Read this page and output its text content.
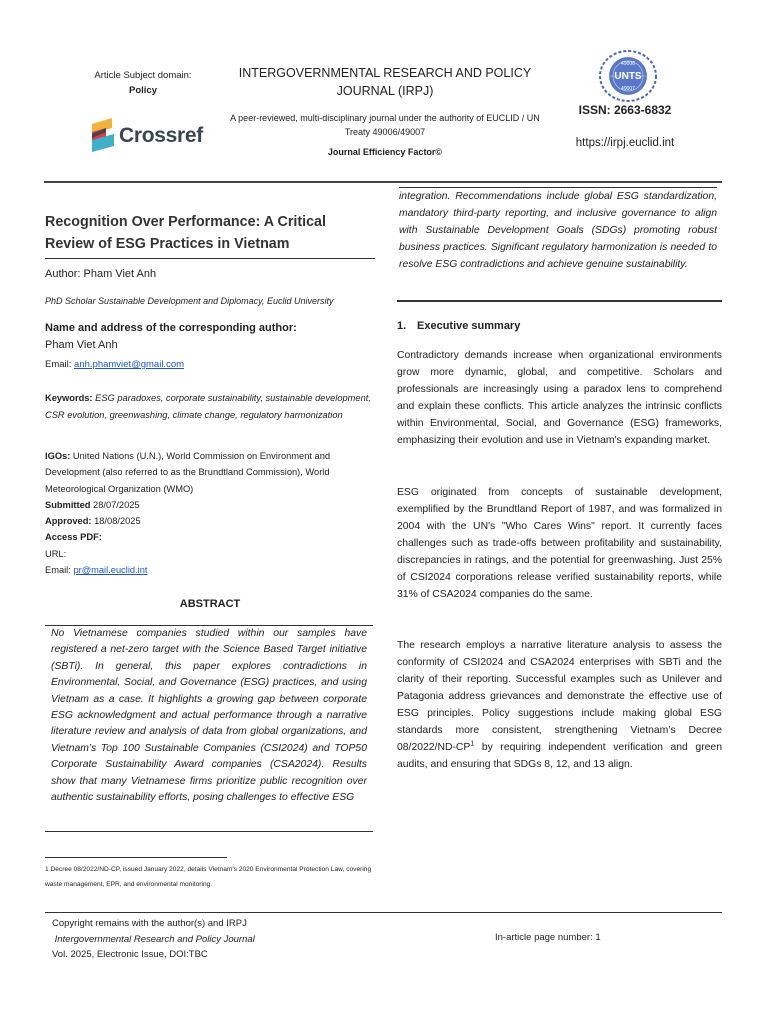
Article Subject domain:
Policy
Crossref
INTERGOVERNMENTAL RESEARCH AND POLICY JOURNAL (IRPJ)
A peer-reviewed, multi-disciplinary journal under the authority of EUCLID / UN Treaty 49006/49007
Journal Efficiency Factor©
49006
UNTS
49007
ISSN: 2663-6832
https://irpj.euclid.int
Recognition Over Performance: A Critical Review of ESG Practices in Vietnam
Author: Pham Viet Anh
PhD Scholar Sustainable Development and Diplomacy, Euclid University
Name and address of the corresponding author:
Pham Viet Anh
Email: anh.phamviet@gmail.com
Keywords: ESG paradoxes, corporate sustainability, sustainable development, CSR evolution, greenwashing, climate change, regulatory harmonization
IGOs: United Nations (U.N.), World Commission on Environment and Development (also referred to as the Brundtland Commission), World Meteorological Organization (WMO)
Submitted 28/07/2025
Approved: 18/08/2025
Access PDF:
URL:
Email: pr@mail.euclid.int
ABSTRACT

No Vietnamese companies studied within our samples have registered a net-zero target with the Science Based Target initiative (SBTi). In general, this paper explores contradictions in Environmental, Social, and Governance (ESG) practices, and using Vietnam as a case. It highlights a growing gap between corporate ESG acknowledgment and actual performance through a narrative literature review and analysis of data from global organizations, and Vietnam’s Top 100 Sustainable Companies (CSI2024) and TOP50 Corporate Sustainability Award companies (CSA2024). Results show that many Vietnamese firms prioritize public recognition over authentic sustainability efforts, posing challenges to effective ESG

1 Decree 08/2022/ND-CP, issued January 2022, details Vietnam's 2020 Environmental Protection Law, covering waste management, EPR, and environmental monitoring.

integration. Recommendations include global ESG standardization, mandatory third-party reporting, and inclusive governance to align with Sustainable Development Goals (SDGs) promoting robust business practices. Significant regulatory harmonization is needed to resolve ESG contradictions and achieve genuine sustainability.

1. Executive summary

Contradictory demands increase when organizational environments grow more dynamic, global, and competitive. Scholars and professionals are increasingly using a paradox lens to comprehend and explain these conflicts. This article analyzes the intrinsic conflicts within Environmental, Social, and Governance (ESG) frameworks, emphasizing their evolution and use in Vietnam's expanding market.

ESG originated from concepts of sustainable development, exemplified by the Brundtland Report of 1987, and was formalized in 2004 with the UN's "Who Cares Wins" report. It currently faces challenges such as trade-offs between profitability and sustainability, discrepancies in ratings, and the potential for greenwashing. Just 25% of CSI2024 corporations release verified sustainability reports, while 31% of CSA2024 companies do the same.

The research employs a narrative literature analysis to assess the conformity of CSI2024 and CSA2024 enterprises with SBTi and the clarity of their reporting. Successful examples such as Unilever and Patagonia address grievances and demonstrate the effective use of ESG principles. Policy suggestions include making global ESG standards more consistent, strengthening Vietnam’s Decree $08/2022/ND-CP^1$ by requiring independent verification and green audits, and ensuring that SDGs 8, 12, and 13 align.

Copyright remains with the author(s) and IRPJ
Intergovernmental Research and Policy Journal
Vol. 2025, Electronic Issue, DOI:TBC
In-article page number: 1
